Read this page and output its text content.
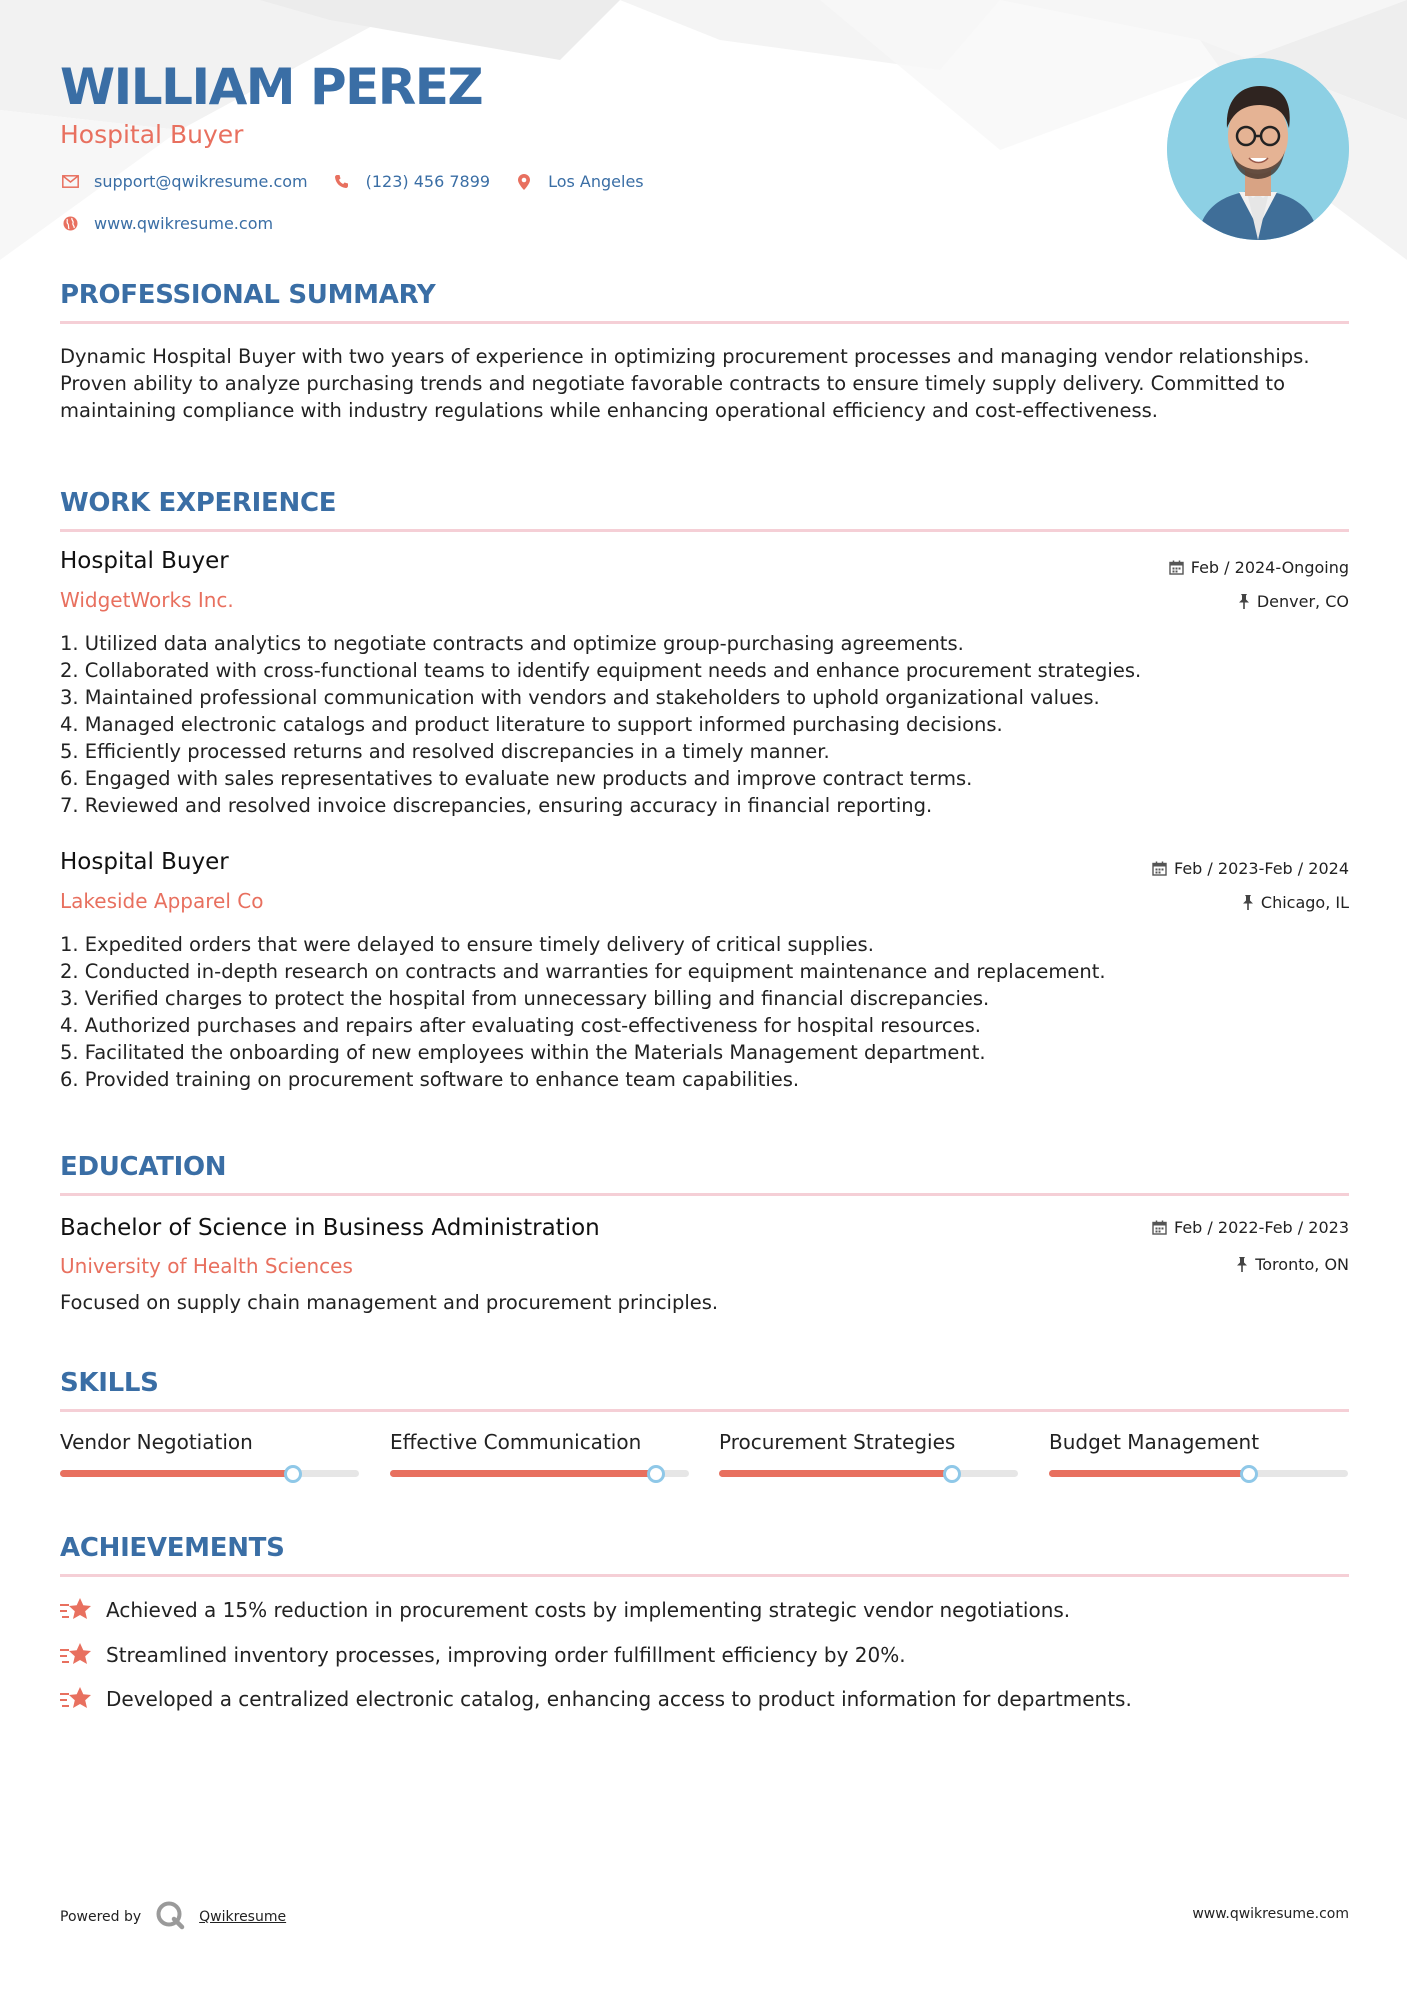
WILLIAM PEREZ
Hospital Buyer
support@qwikresume.com	(123) 456 7899	Los Angeles
www.qwikresume.com
PROFESSIONAL SUMMARY
Dynamic Hospital Buyer with two years of experience in optimizing procurement processes and managing vendor relationships. Proven ability to analyze purchasing trends and negotiate favorable contracts to ensure timely supply delivery. Committed to maintaining compliance with industry regulations while enhancing operational efficiency and cost-effectiveness.
WORK EXPERIENCE
Hospital Buyer	Feb / 2024-Ongoing
WidgetWorks Inc.	Denver, CO
1. Utilized data analytics to negotiate contracts and optimize group-purchasing agreements.
2. Collaborated with cross-functional teams to identify equipment needs and enhance procurement strategies.
3. Maintained professional communication with vendors and stakeholders to uphold organizational values.
4. Managed electronic catalogs and product literature to support informed purchasing decisions.
5. Efficiently processed returns and resolved discrepancies in a timely manner.
6. Engaged with sales representatives to evaluate new products and improve contract terms.
7. Reviewed and resolved invoice discrepancies, ensuring accuracy in financial reporting.
Hospital Buyer	Feb / 2023-Feb / 2024
Lakeside Apparel Co	Chicago, IL
1. Expedited orders that were delayed to ensure timely delivery of critical supplies.
2. Conducted in-depth research on contracts and warranties for equipment maintenance and replacement.
3. Verified charges to protect the hospital from unnecessary billing and financial discrepancies.
4. Authorized purchases and repairs after evaluating cost-effectiveness for hospital resources.
5. Facilitated the onboarding of new employees within the Materials Management department.
6. Provided training on procurement software to enhance team capabilities.
EDUCATION
Bachelor of Science in Business Administration	Feb / 2022-Feb / 2023
University of Health Sciences	Toronto, ON
Focused on supply chain management and procurement principles.
SKILLS
Vendor Negotiation	Effective Communication	Procurement Strategies	Budget Management
ACHIEVEMENTS
Achieved a 15% reduction in procurement costs by implementing strategic vendor negotiations.
Streamlined inventory processes, improving order fulfillment efficiency by 20%.
Developed a centralized electronic catalog, enhancing access to product information for departments.
Powered by	Qwikresume	www.qwikresume.com
